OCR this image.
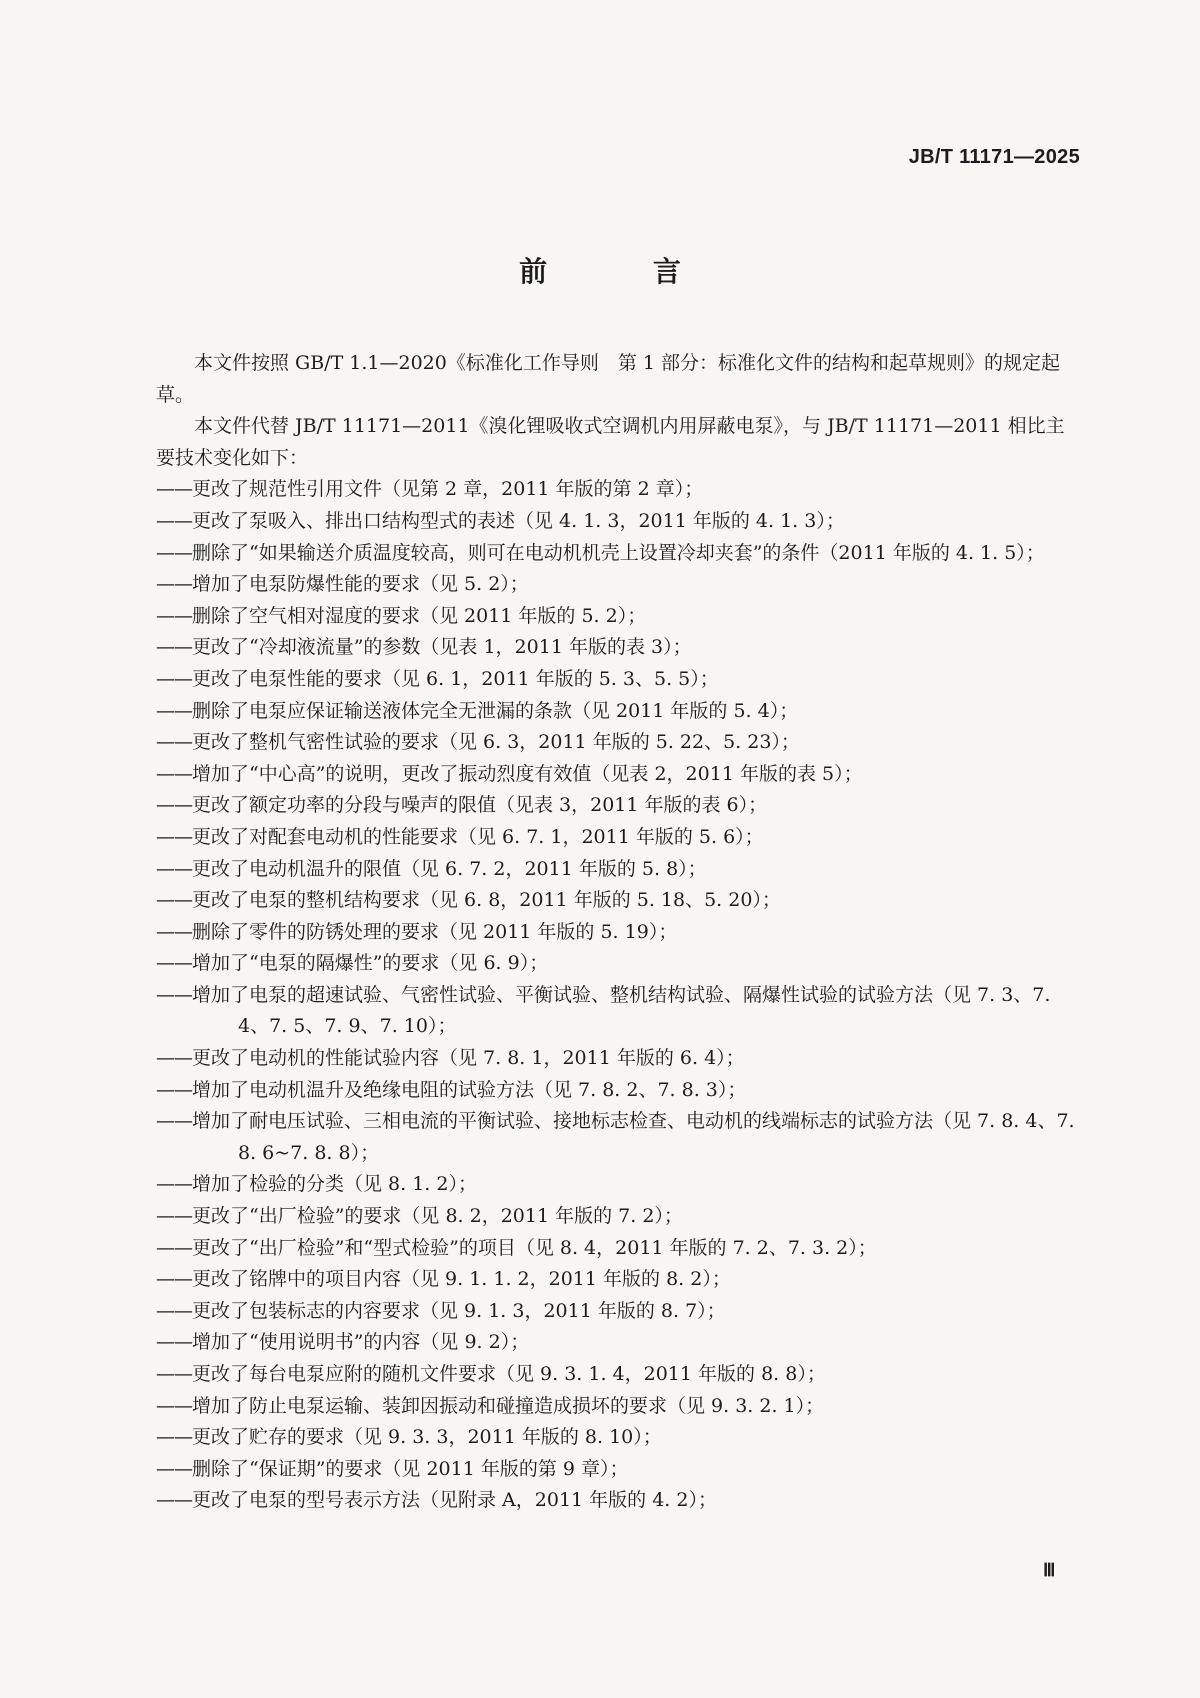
JB/T 11171—2025
前 言

本文件按照 GB/T 1.1—2020《标准化工作导则　第 1 部分：标准化文件的结构和起草规则》的规定起草。

本文件代替 JB/T 11171—2011《溴化锂吸收式空调机内用屏蔽电泵》，与 JB/T 11171—2011 相比主要技术变化如下：

——更改了规范性引用文件（见第 2 章，2011 年版的第 2 章）；

——更改了泵吸入、排出口结构型式的表述（见 4. 1. 3，2011 年版的 4. 1. 3）；

——删除了“如果输送介质温度较高，则可在电动机机壳上设置冷却夹套”的条件（2011 年版的 4. 1. 5）；

——增加了电泵防爆性能的要求（见 5. 2）；

——删除了空气相对湿度的要求（见 2011 年版的 5. 2）；

——更改了“冷却液流量”的参数（见表 1，2011 年版的表 3）；

——更改了电泵性能的要求（见 6. 1，2011 年版的 5. 3、5. 5）；

——删除了电泵应保证输送液体完全无泄漏的条款（见 2011 年版的 5. 4）；

——更改了整机气密性试验的要求（见 6. 3，2011 年版的 5. 22、5. 23）；

——增加了“中心高”的说明，更改了振动烈度有效值（见表 2，2011 年版的表 5）；

——更改了额定功率的分段与噪声的限值（见表 3，2011 年版的表 6）；

——更改了对配套电动机的性能要求（见 6. 7. 1，2011 年版的 5. 6）；

——更改了电动机温升的限值（见 6. 7. 2，2011 年版的 5. 8）；

——更改了电泵的整机结构要求（见 6. 8，2011 年版的 5. 18、5. 20）；

——删除了零件的防锈处理的要求（见 2011 年版的 5. 19）；

——增加了“电泵的隔爆性”的要求（见 6. 9）；

——增加了电泵的超速试验、气密性试验、平衡试验、整机结构试验、隔爆性试验的试验方法（见 7. 3、7. 4、7. 5、7. 9、7. 10）；

——更改了电动机的性能试验内容（见 7. 8. 1，2011 年版的 6. 4）；

——增加了电动机温升及绝缘电阻的试验方法（见 7. 8. 2、7. 8. 3）；

——增加了耐电压试验、三相电流的平衡试验、接地标志检查、电动机的线端标志的试验方法（见 7. 8. 4、7. 8. 6~7. 8. 8）；

——增加了检验的分类（见 8. 1. 2）；

——更改了“出厂检验”的要求（见 8. 2，2011 年版的 7. 2）；

——更改了“出厂检验”和“型式检验”的项目（见 8. 4，2011 年版的 7. 2、7. 3. 2）；

——更改了铭牌中的项目内容（见 9. 1. 1. 2，2011 年版的 8. 2）；

——更改了包装标志的内容要求（见 9. 1. 3，2011 年版的 8. 7）；

——增加了“使用说明书”的内容（见 9. 2）；

——更改了每台电泵应附的随机文件要求（见 9. 3. 1. 4，2011 年版的 8. 8）；

——增加了防止电泵运输、装卸因振动和碰撞造成损坏的要求（见 9. 3. 2. 1）；

——更改了贮存的要求（见 9. 3. 3，2011 年版的 8. 10）；

——删除了“保证期”的要求（见 2011 年版的第 9 章）；

——更改了电泵的型号表示方法（见附录 A，2011 年版的 4. 2）；

Ⅲ
